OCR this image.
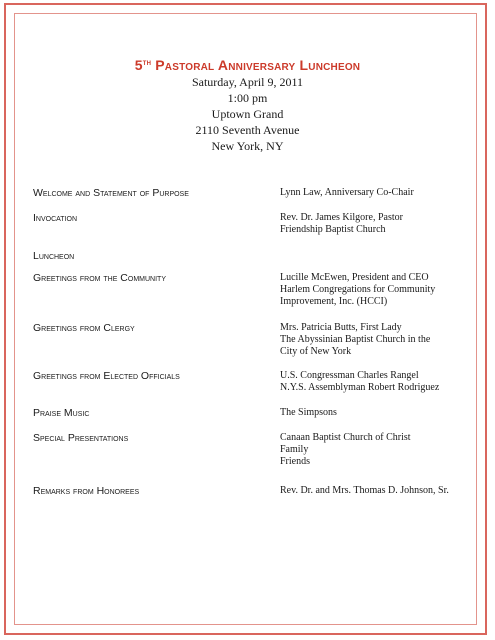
5th Pastoral Anniversary Luncheon
Saturday, April 9, 2011
1:00 pm
Uptown Grand
2110 Seventh Avenue
New York, NY
Welcome and Statement of Purpose	Lynn Law, Anniversary Co-Chair
Invocation	Rev. Dr. James Kilgore, Pastor
Friendship Baptist Church
Luncheon
Greetings from the Community	Lucille McEwen, President and CEO
Harlem Congregations for Community
Improvement, Inc. (HCCI)
Greetings from Clergy	Mrs. Patricia Butts, First Lady
The Abyssinian Baptist Church in the
City of New York
Greetings from Elected Officials	U.S. Congressman Charles Rangel
N.Y.S. Assemblyman Robert Rodriguez
Praise Music	The Simpsons
Special Presentations	Canaan Baptist Church of Christ
Family
Friends
Remarks from Honorees	Rev. Dr. and Mrs. Thomas D. Johnson, Sr.
